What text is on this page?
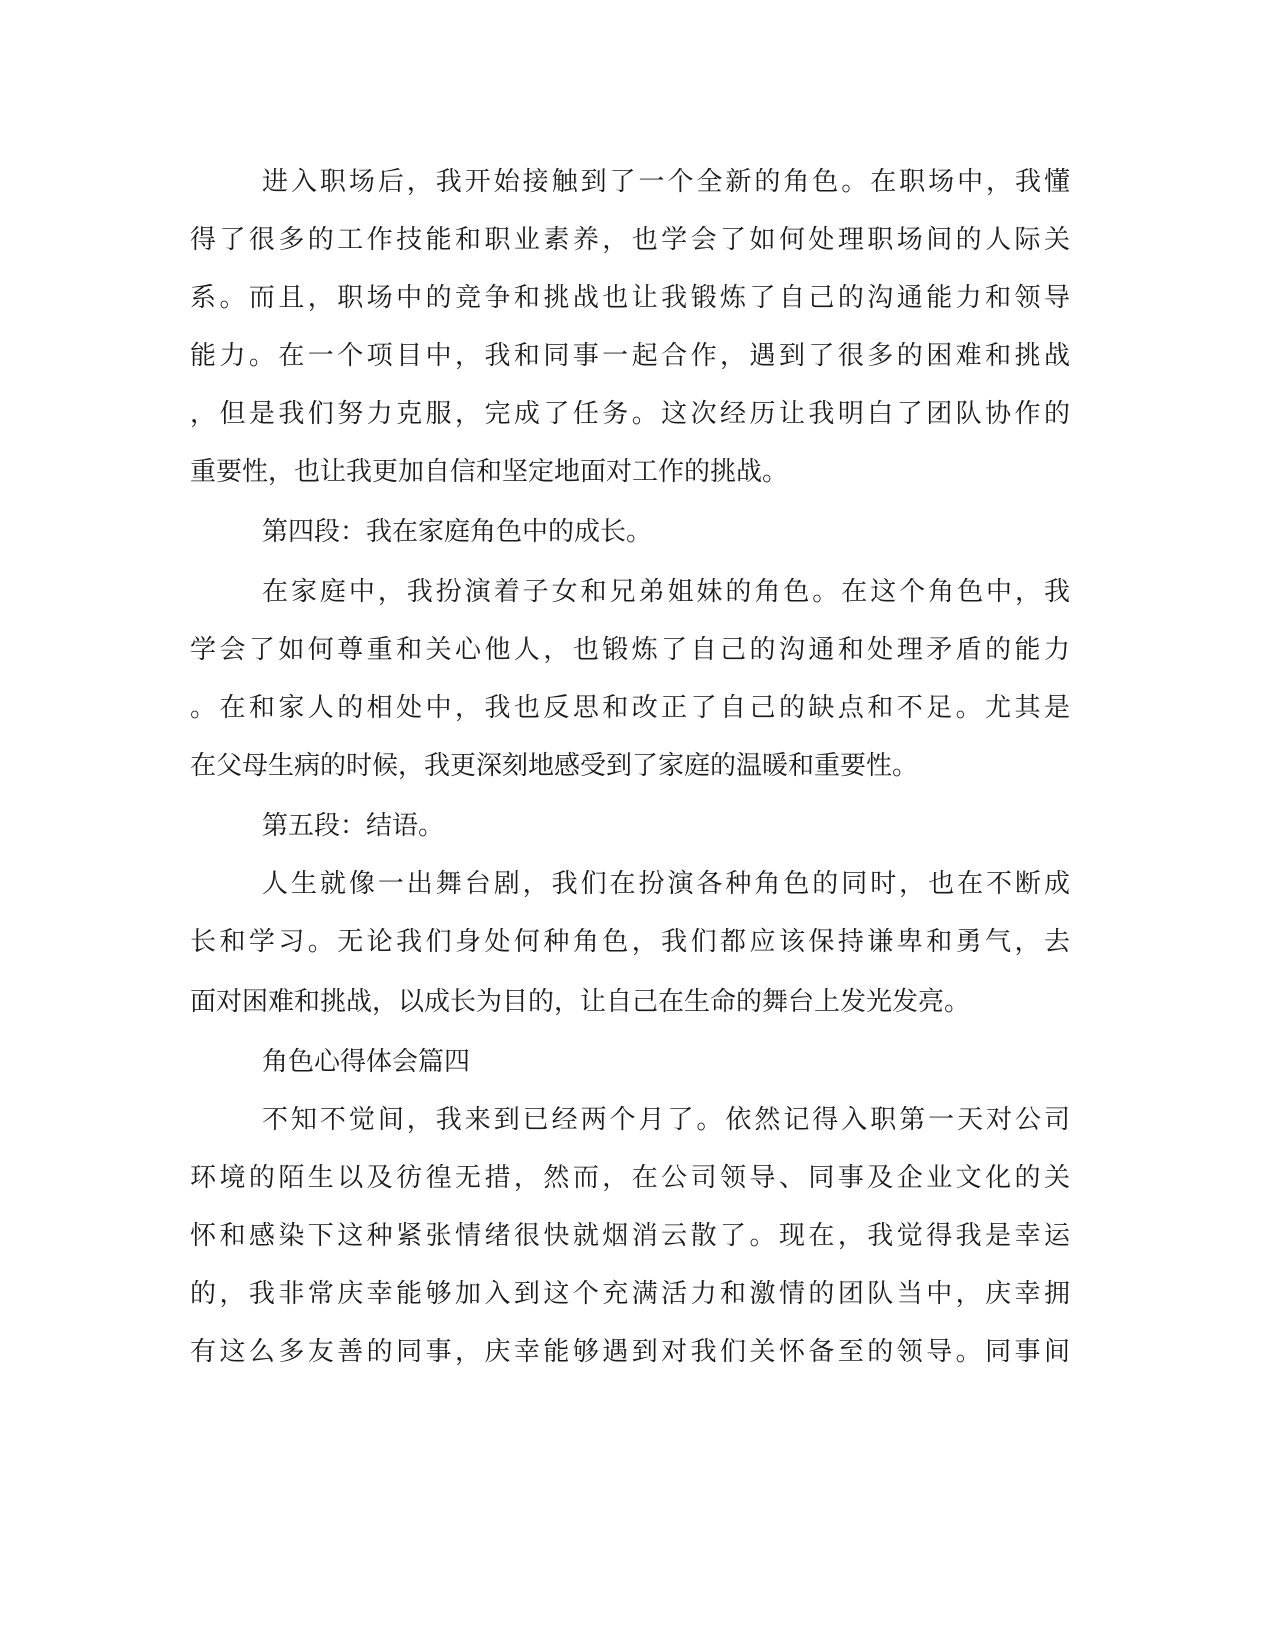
进入职场后，我开始接触到了一个全新的角色。在职场中，我懂
得了很多的工作技能和职业素养，也学会了如何处理职场间的人际关
系。而且，职场中的竞争和挑战也让我锻炼了自己的沟通能力和领导
能力。在一个项目中，我和同事一起合作，遇到了很多的困难和挑战
，但是我们努力克服，完成了任务。这次经历让我明白了团队协作的
重要性，也让我更加自信和坚定地面对工作的挑战。
第四段：我在家庭角色中的成长。
在家庭中，我扮演着子女和兄弟姐妹的角色。在这个角色中，我
学会了如何尊重和关心他人，也锻炼了自己的沟通和处理矛盾的能力
。在和家人的相处中，我也反思和改正了自己的缺点和不足。尤其是
在父母生病的时候，我更深刻地感受到了家庭的温暖和重要性。
第五段：结语。
人生就像一出舞台剧，我们在扮演各种角色的同时，也在不断成
长和学习。无论我们身处何种角色，我们都应该保持谦卑和勇气，去
面对困难和挑战，以成长为目的，让自己在生命的舞台上发光发亮。
角色心得体会篇四
不知不觉间，我来到已经两个月了。依然记得入职第一天对公司
环境的陌生以及彷徨无措，然而，在公司领导、同事及企业文化的关
怀和感染下这种紧张情绪很快就烟消云散了。现在，我觉得我是幸运
的，我非常庆幸能够加入到这个充满活力和激情的团队当中，庆幸拥
有这么多友善的同事，庆幸能够遇到对我们关怀备至的领导。同事间
